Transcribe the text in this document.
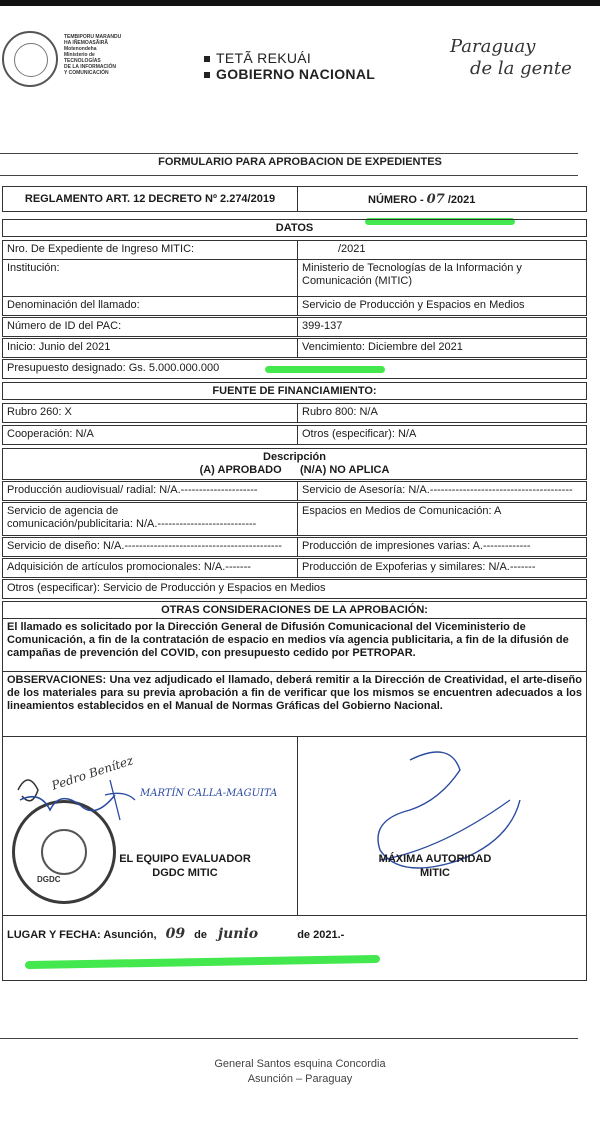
TEMBIPORU MARANDU
HA IÑEMOASÃIRÃ
Motenondeha
Ministerio de
TECNOLOGÍAS
DE LA INFORMACIÓN
Y COMUNICACIÓN
TETÃ REKUÁI
GOBIERNO NACIONAL
Paraguay
de la gente
FORMULARIO PARA APROBACION DE EXPEDIENTES
REGLAMENTO ART. 12 DECRETO Nº 2.274/2019	NÚMERO - 07 /2021
DATOS
Nro. De Expediente de Ingreso MITIC:	/2021
Institución:	Ministerio de Tecnologías de la Información y Comunicación (MITIC)
Denominación del llamado:	Servicio de Producción y Espacios en Medios
Número de ID del PAC:	399-137
Inicio: Junio del 2021	Vencimiento: Diciembre del 2021
Presupuesto designado: Gs. 5.000.000.000
FUENTE DE FINANCIAMIENTO:
Rubro 260: X	Rubro 800: N/A
Cooperación: N/A	Otros (especificar): N/A
Descripción
(A) APROBADO      (N/A) NO APLICA
Producción audiovisual/ radial: N/A.---------------------	Servicio de Asesoría: N/A.---------------------------------------
Servicio de agencia de
comunicación/publicitaria: N/A.---------------------------
Espacios en Medios de Comunicación: A
Servicio de diseño: N/A.-------------------------------------------	Producción de impresiones varias: A.-------------
Adquisición de artículos promocionales: N/A.-------	Producción de Expoferias y similares: N/A.-------
Otros (especificar): Servicio de Producción y Espacios en Medios
OTRAS CONSIDERACIONES DE LA APROBACIÓN:
El llamado es solicitado por la Dirección General de Difusión Comunicacional del Viceministerio de Comunicación, a fin de la contratación de espacio en medios vía agencia publicitaria, a fin de la difusión de campañas de prevención del COVID, con presupuesto cedido por PETROPAR.
OBSERVACIONES: Una vez adjudicado el llamado, deberá remitir a la Dirección de Creatividad, el arte-diseño de los materiales para su previa aprobación a fin de verificar que los mismos se encuentren adecuados a los lineamientos establecidos en el Manual de Normas Gráficas del Gobierno Nacional.
DGDC
Pedro Benítez
MARTÍN CALLA-MAGUITA
EL EQUIPO EVALUADOR
DGDC MITIC
MÁXIMA AUTORIDAD
MITIC
LUGAR Y FECHA: Asunción, 09 de junio	de 2021.-
General Santos esquina Concordia
Asunción – Paraguay
